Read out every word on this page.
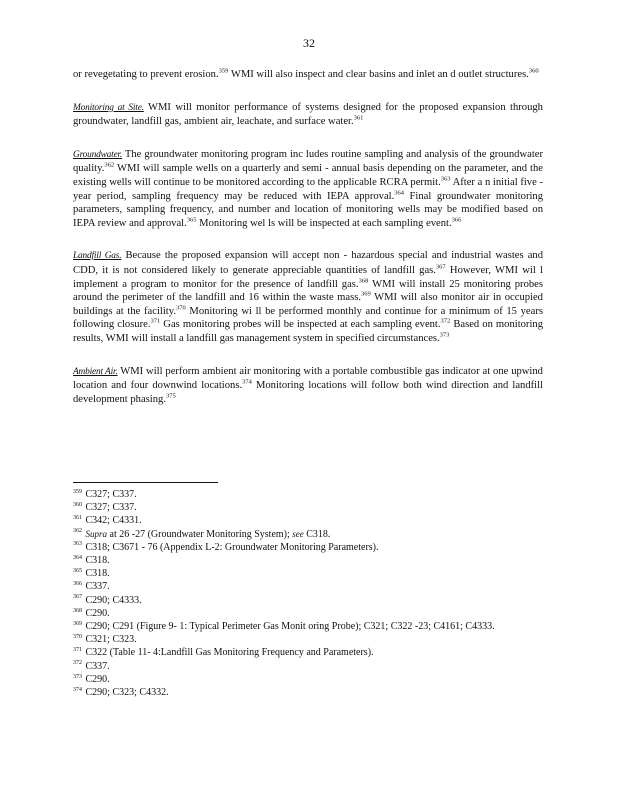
32

or revegetating to prevent erosion.$^{359}$ WMI will also inspect and clear basins and inlet an d outlet structures.$^{360}$

Monitoring at Site. WMI will monitor performance of systems designed for the proposed expansion through groundwater, landfill gas, ambient air, leachate, and surface water.$^{361}$

Groundwater. The groundwater monitoring program inc ludes routine sampling and analysis of the groundwater quality.$^{362}$ WMI will sample wells on a quarterly and semi - annual basis depending on the parameter, and the existing wells will continue to be monitored according to the applicable RCRA permit.$^{363}$ After a n initial five -year period, sampling frequency may be reduced with IEPA approval.$^{364}$ Final groundwater monitoring parameters, sampling frequency, and number and location of monitoring wells may be modified based on IEPA review and approval.$^{365}$ Monitoring wel ls will be inspected at each sampling event.$^{366}$

Landfill Gas. Because the proposed expansion will accept non - hazardous special and industrial wastes and CDD, it is not considered likely to generate appreciable quantities of landfill gas.$^{367}$ However, WMI wil l implement a program to monitor for the presence of landfill gas.$^{368}$ WMI will install 25 monitoring probes around the perimeter of the landfill and 16 within the waste mass.$^{369}$ WMI will also monitor air in occupied buildings at the facility.$^{370}$ Monitoring wi ll be performed monthly and continue for a minimum of 15 years following closure.$^{371}$ Gas monitoring probes will be inspected at each sampling event.$^{372}$ Based on monitoring results, WMI will install a landfill gas management system in specified circumstances.$^{373}$

Ambient Air. WMI will perform ambient air monitoring with a portable combustible gas indicator at one upwind location and four downwind locations.$^{374}$ Monitoring locations will follow both wind direction and landfill development phasing.$^{375}$

$^{359}$ C327; C337.

$^{360}$ C327; C337.

$^{361}$ C342; C4331.

$^{362}$ Supra at 26 -27 (Groundwater Monitoring System); see C318.

$^{363}$ C318; C3671 - 76 (Appendix L-2: Groundwater Monitoring Parameters).

$^{364}$ C318.

$^{365}$ C318.

$^{366}$ C337.

$^{367}$ C290; C4333.

$^{368}$ C290.

$^{369}$ C290; C291 (Figure 9- 1: Typical Perimeter Gas Monit oring Probe); C321; C322 -23; C4161; C4333.

$^{370}$ C321; C323.

$^{371}$ C322 (Table 11- 4:Landfill Gas Monitoring Frequency and Parameters).

$^{372}$ C337.

$^{373}$ C290.

$^{374}$ C290; C323; C4332.
